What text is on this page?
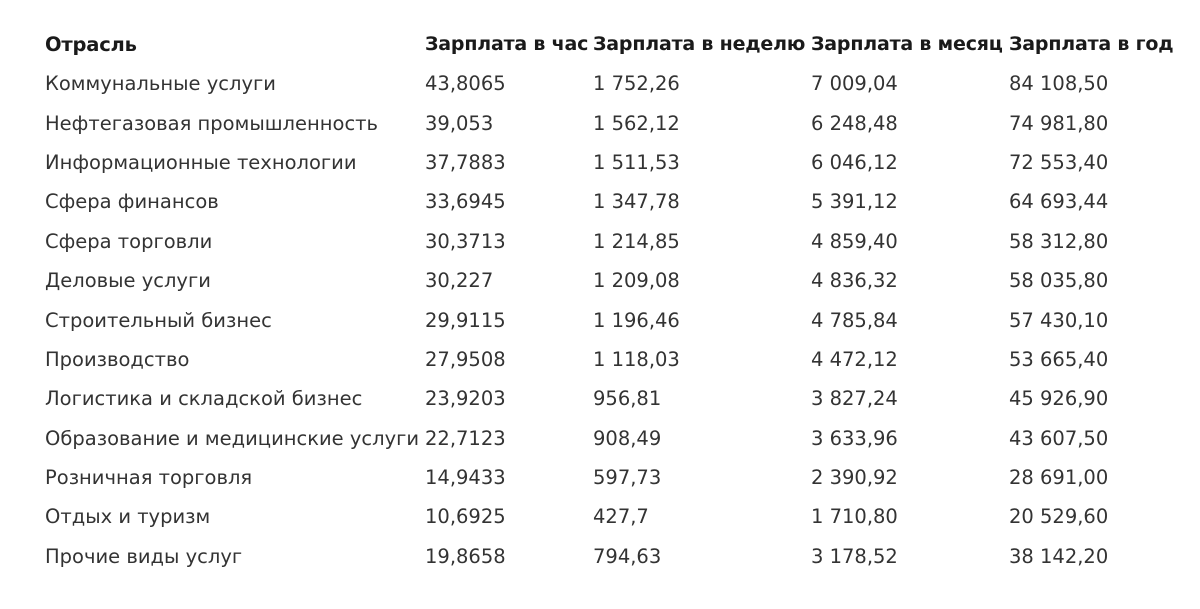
Отрасль	Зарплата в час	Зарплата в неделю	Зарплата в месяц	Зарплата в год
Коммунальные услуги	43,8065	1 752,26	7 009,04	84 108,50
Нефтегазовая промышленность	39,053	1 562,12	6 248,48	74 981,80
Информационные технологии	37,7883	1 511,53	6 046,12	72 553,40
Сфера финансов	33,6945	1 347,78	5 391,12	64 693,44
Сфера торговли	30,3713	1 214,85	4 859,40	58 312,80
Деловые услуги	30,227	1 209,08	4 836,32	58 035,80
Строительный бизнес	29,9115	1 196,46	4 785,84	57 430,10
Производство	27,9508	1 118,03	4 472,12	53 665,40
Логистика и складской бизнес	23,9203	956,81	3 827,24	45 926,90
Образование и медицинские услуги	22,7123	908,49	3 633,96	43 607,50
Розничная торговля	14,9433	597,73	2 390,92	28 691,00
Отдых и туризм	10,6925	427,7	1 710,80	20 529,60
Прочие виды услуг	19,8658	794,63	3 178,52	38 142,20
